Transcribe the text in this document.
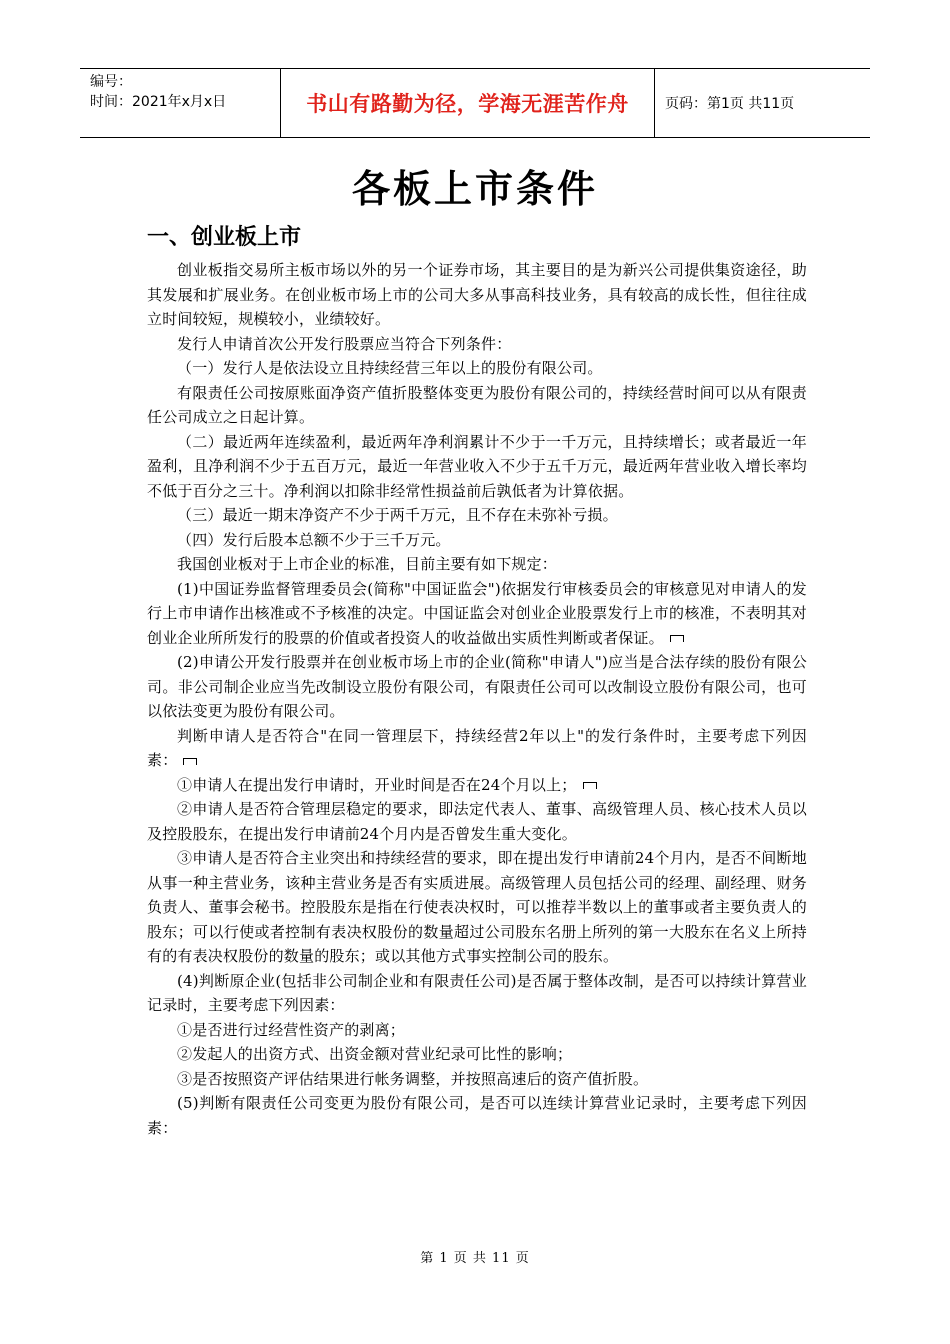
编号：
时间：2021年x月x日	书山有路勤为径，学海无涯苦作舟	页码：第1页 共11页
各板上市条件
一、创业板上市

创业板指交易所主板市场以外的另一个证券市场，其主要目的是为新兴公司提供集资途径，助其发展和扩展业务。在创业板市场上市的公司大多从事高科技业务，具有较高的成长性，但往往成立时间较短，规模较小，业绩较好。

发行人申请首次公开发行股票应当符合下列条件：

（一）发行人是依法设立且持续经营三年以上的股份有限公司。

有限责任公司按原账面净资产值折股整体变更为股份有限公司的，持续经营时间可以从有限责任公司成立之日起计算。

（二）最近两年连续盈利，最近两年净利润累计不少于一千万元，且持续增长；或者最近一年盈利，且净利润不少于五百万元，最近一年营业收入不少于五千万元，最近两年营业收入增长率均不低于百分之三十。净利润以扣除非经常性损益前后孰低者为计算依据。

（三）最近一期末净资产不少于两千万元，且不存在未弥补亏损。

（四）发行后股本总额不少于三千万元。

我国创业板对于上市企业的标准，目前主要有如下规定：

(1)中国证券监督管理委员会(简称"中国证监会")依据发行审核委员会的审核意见对申请人的发行上市申请作出核准或不予核准的决定。中国证监会对创业企业股票发行上市的核准，不表明其对创业企业所所发行的股票的价值或者投资人的收益做出实质性判断或者保证。

(2)申请公开发行股票并在创业板市场上市的企业(简称"申请人")应当是合法存续的股份有限公司。非公司制企业应当先改制设立股份有限公司，有限责任公司可以改制设立股份有限公司，也可以依法变更为股份有限公司。

判断申请人是否符合"在同一管理层下，持续经营2年以上"的发行条件时，主要考虑下列因素：

①申请人在提出发行申请时，开业时间是否在24个月以上；

②申请人是否符合管理层稳定的要求，即法定代表人、董事、高级管理人员、核心技术人员以及控股股东，在提出发行申请前24个月内是否曾发生重大变化。

③申请人是否符合主业突出和持续经营的要求，即在提出发行申请前24个月内，是否不间断地从事一种主营业务，该种主营业务是否有实质进展。高级管理人员包括公司的经理、副经理、财务负责人、董事会秘书。控股股东是指在行使表决权时，可以推荐半数以上的董事或者主要负责人的股东；可以行使或者控制有表决权股份的数量超过公司股东名册上所列的第一大股东在名义上所持有的有表决权股份的数量的股东；或以其他方式事实控制公司的股东。

(4)判断原企业(包括非公司制企业和有限责任公司)是否属于整体改制，是否可以持续计算营业记录时，主要考虑下列因素：

①是否进行过经营性资产的剥离；

②发起人的出资方式、出资金额对营业纪录可比性的影响；

③是否按照资产评估结果进行帐务调整，并按照高速后的资产值折股。

(5)判断有限责任公司变更为股份有限公司，是否可以连续计算营业记录时，主要考虑下列因素：

第 1 页 共 11 页
